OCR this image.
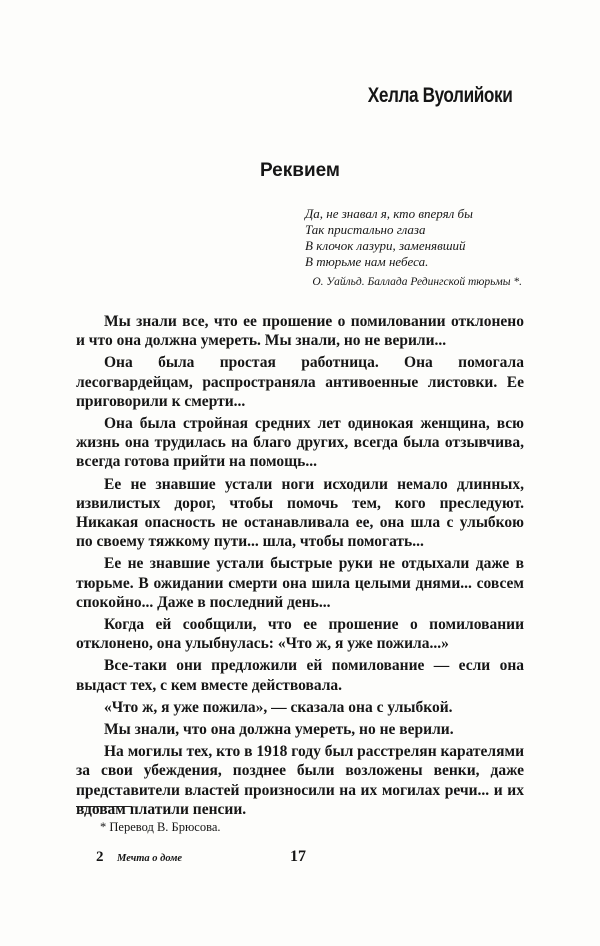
Хелла Вуолийоки
Реквием
Да, не знавал я, кто вперял бы
Так пристально глаза
В клочок лазури, заменявший
В тюрьме нам небеса.
О. Уайльд. Баллада Редингской тюрьмы *.

Мы знали все, что ее прошение о помиловании отклонено и что она должна умереть. Мы знали, но не верили...

Она была простая работница. Она помогала лесогвардейцам, распространяла антивоенные листовки. Ее приговорили к смерти...

Она была стройная средних лет одинокая женщина, всю жизнь она трудилась на благо других, всегда была отзывчива, всегда готова прийти на помощь...

Ее не знавшие устали ноги исходили немало длинных, извилистых дорог, чтобы помочь тем, кого преследуют. Никакая опасность не останавливала ее, она шла с улыбкою по своему тяжкому пути... шла, чтобы помогать...

Ее не знавшие устали быстрые руки не отдыхали даже в тюрьме. В ожидании смерти она шила целыми днями... совсем спокойно... Даже в последний день...

Когда ей сообщили, что ее прошение о помиловании отклонено, она улыбнулась: «Что ж, я уже пожила...»

Все-таки они предложили ей помилование — если она выдаст тех, с кем вместе действовала.

«Что ж, я уже пожила», — сказала она с улыбкой.

Мы знали, что она должна умереть, но не верили.

На могилы тех, кто в 1918 году был расстрелян карателями за свои убеждения, позднее были возложены венки, даже представители властей произносили на их могилах речи... и их вдовам платили пенсии.

* Перевод В. Брюсова.
2 Мечта о доме	17
